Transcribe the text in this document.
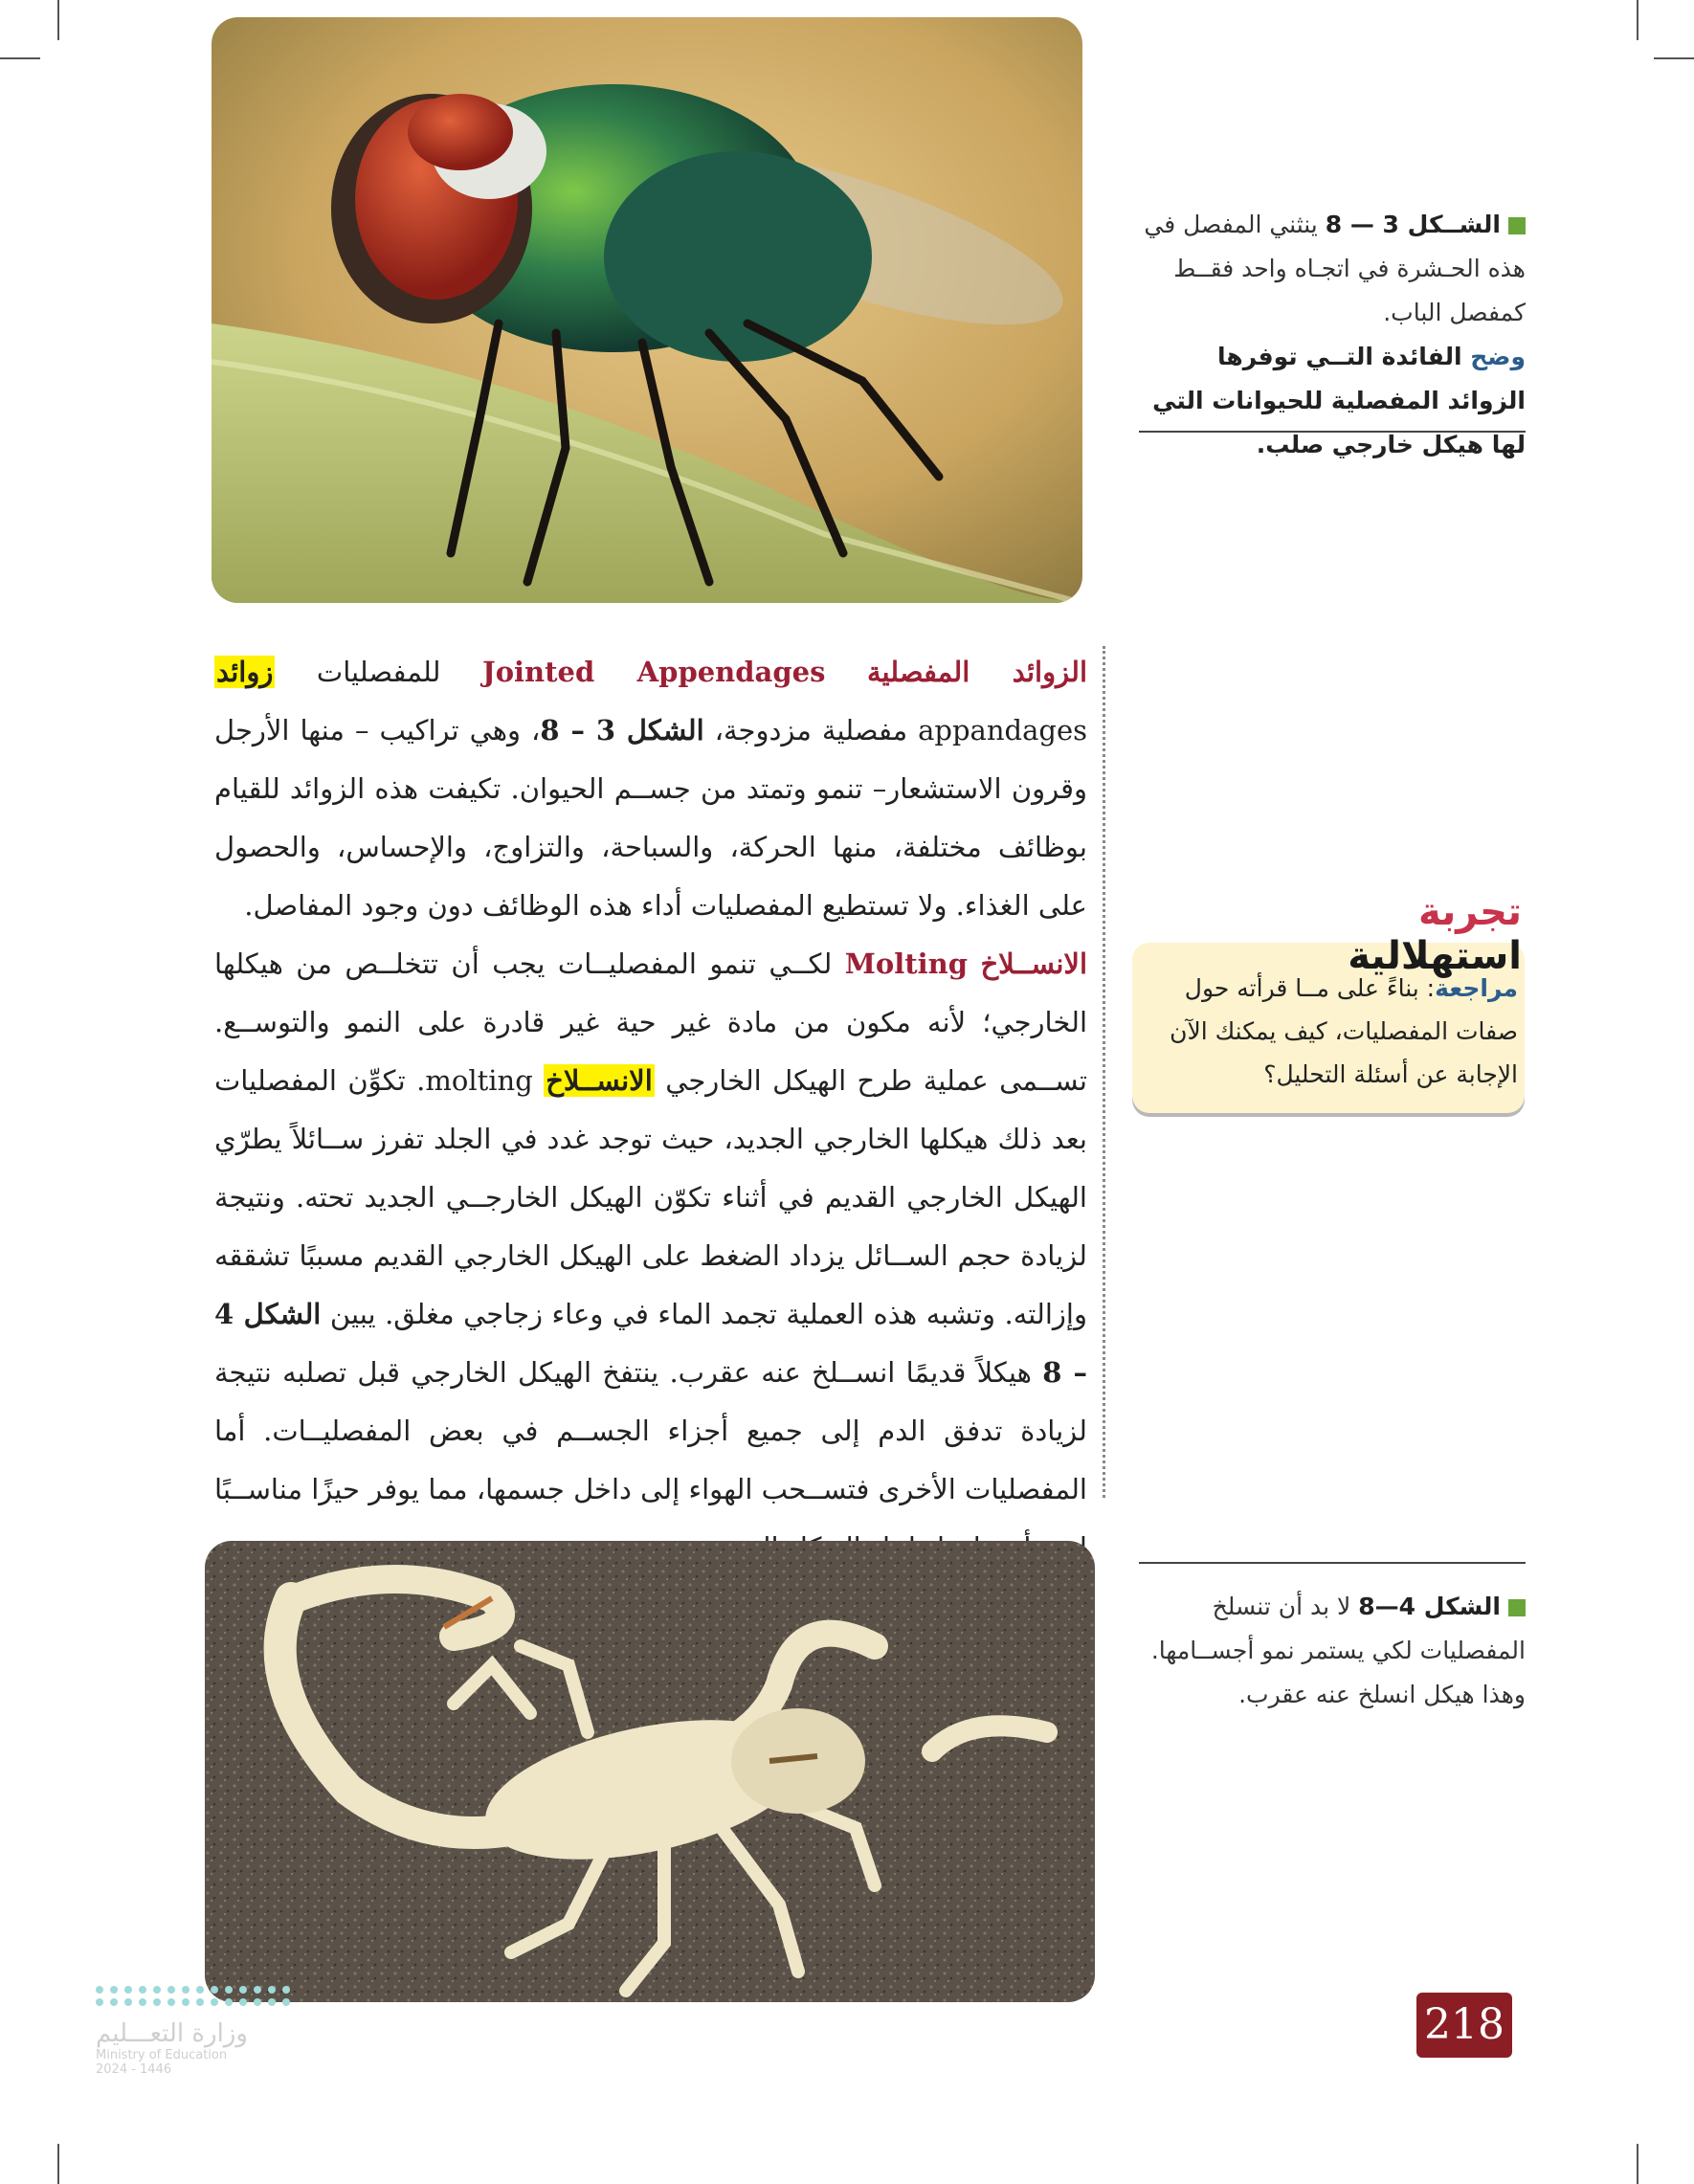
الشــكل 3 — 8 ينثني المفصل في هذه الحـشرة في اتجـاه واحد فقــط كمفصل الباب.
وضح الفائدة التــي توفرها الزوائد المفصلية للحيوانات التي لها هيكل خارجي صلب.

الزوائد المفصلية Jointed Appendages للمفصليات زوائد appandages مفصلية مزدوجة، الشكل 3 – 8، وهي تراكيب – منها الأرجل وقرون الاستشعار– تنمو وتمتد من جســم الحيوان. تكيفت هذه الزوائد للقيام بوظائف مختلفة، منها الحركة، والسباحة، والتزاوج، والإحساس، والحصول على الغذاء. ولا تستطيع المفصليات أداء هذه الوظائف دون وجود المفاصل.

الانســلاخ Molting لكــي تنمو المفصليــات يجب أن تتخلــص من هيكلها الخارجي؛ لأنه مكون من مادة غير حية غير قادرة على النمو والتوســع. تســمى عملية طرح الهيكل الخارجي الانســلاخ molting. تكوِّن المفصليات بعد ذلك هيكلها الخارجي الجديد، حيث توجد غدد في الجلد تفرز ســائلاً يطرّي الهيكل الخارجي القديم في أثناء تكوّن الهيكل الخارجــي الجديد تحته. ونتيجة لزيادة حجم الســائل يزداد الضغط على الهيكل الخارجي القديم مسببًا تشققه وإزالته. وتشبه هذه العملية تجمد الماء في وعاء زجاجي مغلق. يبين الشكل 4 – 8 هيكلاً قديمًا انســلخ عنه عقرب. ينتفخ الهيكل الخارجي قبل تصلبه نتيجة لزيادة تدفق الدم إلى جميع أجزاء الجســم في بعض المفصليــات. أما المفصليات الأخرى فتســحب الهواء إلى داخل جسمها، مما يوفر حيزًا مناســبًا

تجربة استهلالية
مراجعة: بناءً على مــا قرأته حول صفات المفصليات، كيف يمكنك الآن الإجابة عن أسئلة التحليل؟
الشكل 4—8 لا بد أن تنسلخ المفصليات لكي يستمر نمو أجســامها. وهذا هيكل انسلخ عنه عقرب.
218
وزارة التعـــليم
Ministry of Education
2024 - 1446
